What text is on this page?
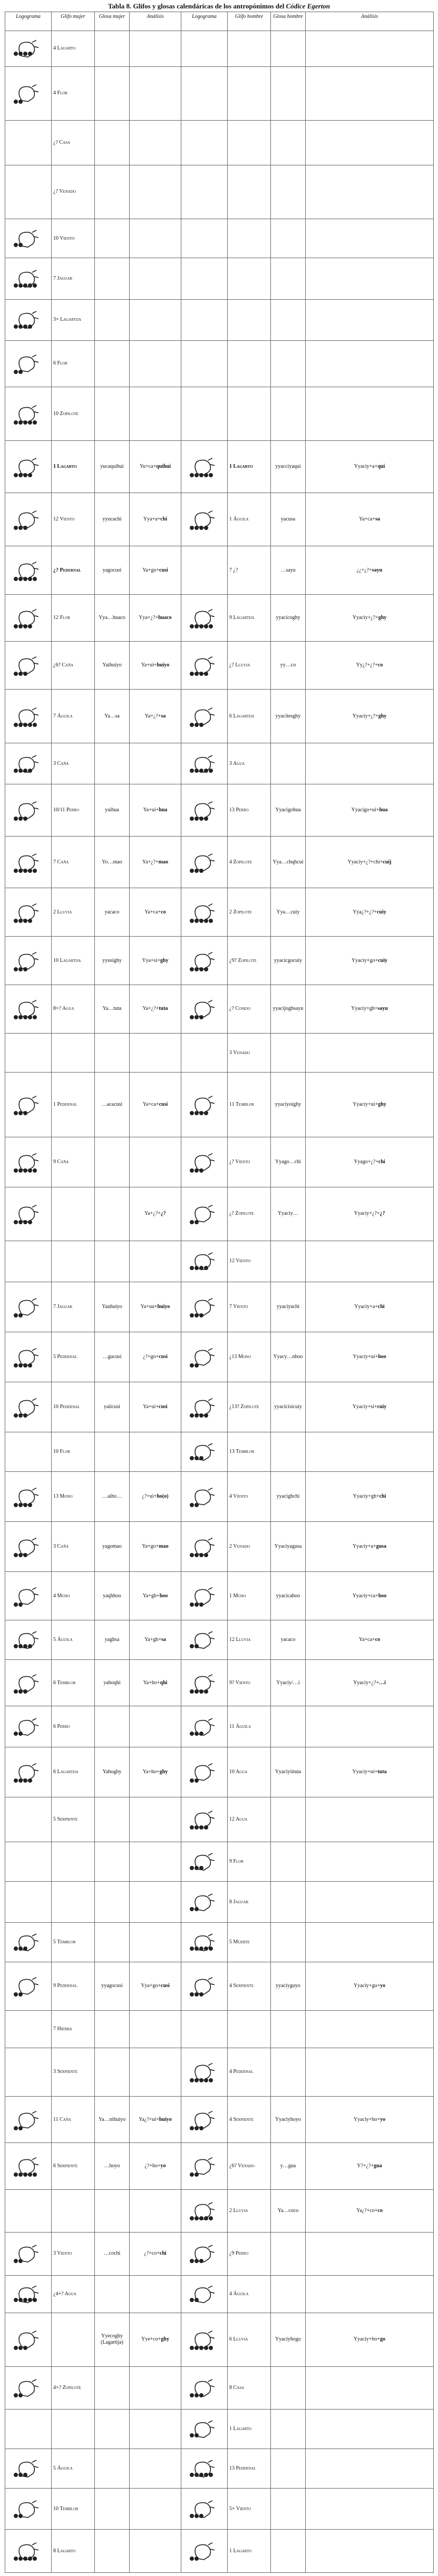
Tabla 8. Glifos y glosas calendáricas de los antropónimos del Códice Egerton
Logograma	Glifo mujer	Glosa mujer	Análisis	Logograma	Glifo hombre	Glosa hombre	Análisis

	4 Lagarto						

	4 Flor						
	¿? Casa						
	¿? Venado						

	10 Viento						

	7 Jaguar						

	3+ Lagartija						

	6 Flor						

	10 Zopilote						

	1 Lagarto	yucaquihui	Yu+ca+quihui		1 Lagarto	yyacciyaqui	Yyaciy+a+qui

	12 Viento	yyucachi	Yya+a+chi		1 Águila	yacusa	Ya+ca+sa

	¿? Pedernal	yagocusi	Ya+go+cusi		7 ¿?	…sayu	¿¿+¿?+sayu

	12 Flor	Yya…huaco	Yya+¿?+huaco		9 Lagartija	yyacicoghy	Yyaciy+¿?+ghy

	¿6? Caña	Yaihuiyo	Ya+ui+huiyo		¿? Lluvia	yy…co	Yy¿?+¿?+co

	7 Águila	Ya…sa	Ya+¿?+sa		6 Lagartija	yyacitesghy	Yyaciy+¿?+ghy

	3 Caña				3 Agua		

	10/11 Perro	yaihua	Ya+ui+hua		13 Perro	Yyacigohua	Yyacigo+ui+hua

	7 Caña	Yo…mao	Ya+¿?+mao		4 Zopilote	Yya…chqhcui	Yyaciy+¿?+chi+cuij

	2 Lluvia	yacaco	Ya+ca+co		2 Zopilote	Yya…cuiy	Yya¿?+¿?+cuiy

	10 Lagartija	yyusighy	Yya+si+ghy		¿9? Zopilote	yyacicgocuiy	Yyaciy+go+cuiy

	8+? Agua	Ya…tuta	Ya+¿?+tuta		¿? Conejo	yyacijoghsayu	Yyaciy+gh+sayu
					3 Venado		

	1 Pedernal	…acacusi	Ya+ca+cusi		11 Temblor	yyaciyoighy	Yyaciy+ui+ghy

	9 Caña				¿? Viento	Yyago…chi	Yyago+¿?+chi

			Ya+¿?+¿?		¿? Zopilote	Yyaciy…	Yyaciy+¿?+¿?

	12 Viento		

	7 Jaguar	Yauhuiyo	Ya+uu+huiyo		7 Viento	yyaciyachi	Yyaciy+a+chi

	5 Pedernal	…gucusi	¿?+go+cusi		¿13 Mono	Yyacy…nhoo	Yyaciy+ui+hoo

	10 Pedernal	yaiicusi	Ya+ui+cusi		¿13? Zopilote	yyacicisicuiy	Yyaciy+si+cuiy
	10 Flor				13 Temblor		

	13 Mono	…aiho…	¿?+ui+ho(o)		4 Viento	yyacighchi	Yyaciy+gh+chi

	3 Caña	yagomao	Ya+go+mao		2 Venado	Yyaciyagusa	Yyaciy+a+gusa

	4 Mono	yaqhhoo	Ya+gh+hoo		1 Mono	yyacicahoo	Yyaciy+ca+hoo

	5 Águila	yaghsa	Ya+gh+sa		12 Lluvia	yacaco	Ya+ca+co

	6 Temblor	yahoqhi	Ya+ho+qhi		9? Viento	Yyaciy/…i	Yyaciy+¿?+…i

	6 Perro				11 Águila		

	6 Lagartija	Yahoghy	Ya+ho+ghy		10 Agua	Yyaciyiituta	Yyaciy+ui+tuta
	5 Serpiente				12 Agua		

	9 Flor		

	8 Jaguar		

	5 Temblor				5 Muerte		

	9 Pedernal	yyagocusi	Yya+go+cusi		4 Serpiente	yyaciyguyo	Yyaciy+gu+yo
	7 Hierba						
	3 Serpiente				4 Pedernal		

	11 Caña	Ya…nihuiyo	Ya¿?+ui+huiyo		4 Serpiente	Yyaciyhoyo	Yyaciy+ho+yo

	6 Serpiente	…hoyo	¿?+ho+yo		¿6? Venado	y…gua	Y?+¿?+gua

	2 Lluvia	Ya…coco	Ya¿?+co+co

	3 Viento	…cochi	¿?+co+chi		¿9 Perro		

	¿4+? Agua				4 Águila		

		Yyecoghy (Lagartija)	Yye+co+ghy		6 Lluvia	Yyaciyhogo	Yyaciy+ho+go

	4+? Zopilote				8 Casa		

	1 Lagarto		

	5 Águila				13 Pedernal		

	10 Temblor				5+ Viento		

	8 Lagarto				1 Lagarto		
